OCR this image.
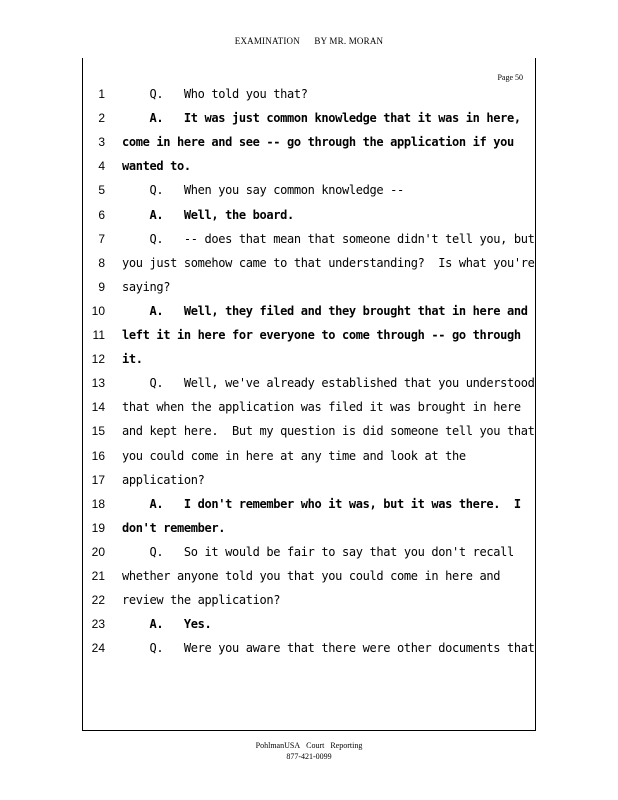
EXAMINATION BY MR. MORAN
Page 50
1 Q.   Who told you that?
2 A.   It was just common knowledge that it was in here,
3 come in here and see -- go through the application if you
4 wanted to.
5 Q.   When you say common knowledge --
6 A.   Well, the board.
7 Q.   -- does that mean that someone didn't tell you, but
8 you just somehow came to that understanding?  Is what you're
9 saying?
10 A.   Well, they filed and they brought that in here and
11 left it in here for everyone to come through -- go through
12 it.
13 Q.   Well, we've already established that you understood
14 that when the application was filed it was brought in here
15 and kept here.  But my question is did someone tell you that
16 you could come in here at any time and look at the
17 application?
18 A.   I don't remember who it was, but it was there.  I
19 don't remember.
20 Q.   So it would be fair to say that you don't recall
21 whether anyone told you that you could come in here and
22 review the application?
23 A.   Yes.
24 Q.   Were you aware that there were other documents that
PohlmanUSA Court Reporting
877-421-0099
